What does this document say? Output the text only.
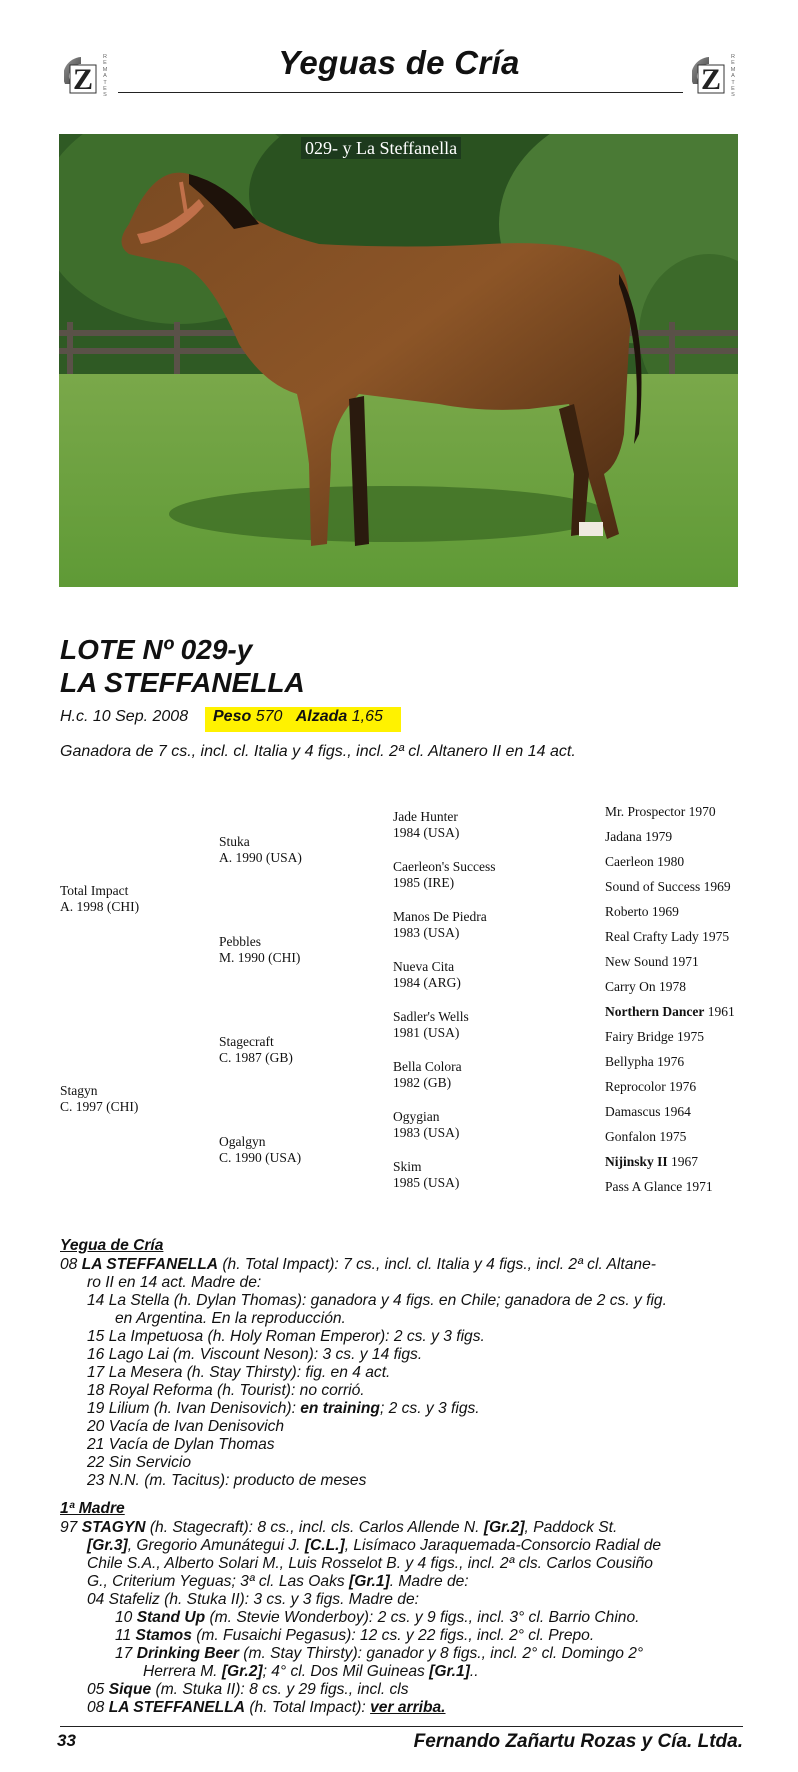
Z
REMATES	Z
REMATES
Yeguas de Cría
029- y La Steffanella
LOTE Nº 029-y
LA STEFFANELLA
H.c. 10 Sep. 2008 Peso 570 Alzada 1,65
Ganadora de 7 cs., incl. cl. Italia y 4 figs., incl. 2ª cl. Altanero II en 14 act.
Total Impact
A. 1998 (CHI)
Stagyn
C. 1997 (CHI)
Stuka
A. 1990 (USA)
Pebbles
M. 1990 (CHI)
Stagecraft
C. 1987 (GB)
Ogalgyn
C. 1990 (USA)
Jade Hunter
1984 (USA)
Caerleon's Success
1985 (IRE)
Manos De Piedra
1983 (USA)
Nueva Cita
1984 (ARG)
Sadler's Wells
1981 (USA)
Bella Colora
1982 (GB)
Ogygian
1983 (USA)
Skim
1985 (USA)
Mr. Prospector 1970
Jadana 1979
Caerleon 1980
Sound of Success 1969
Roberto 1969
Real Crafty Lady 1975
New Sound 1971
Carry On 1978
Northern Dancer 1961
Fairy Bridge 1975
Bellypha 1976
Reprocolor 1976
Damascus 1964
Gonfalon 1975
Nijinsky II 1967
Pass A Glance 1971
Yegua de Cría
08 LA STEFFANELLA (h. Total Impact): 7 cs., incl. cl. Italia y 4 figs., incl. 2ª cl. Altane-
ro II en 14 act. Madre de:
14 La Stella (h. Dylan Thomas): ganadora y 4 figs. en Chile; ganadora de 2 cs. y fig.
en Argentina. En la reproducción.
15 La Impetuosa (h. Holy Roman Emperor): 2 cs. y 3 figs.
16 Lago Lai (m. Viscount Neson): 3 cs. y 14 figs.
17 La Mesera (h. Stay Thirsty): fig. en 4 act.
18 Royal Reforma (h. Tourist): no corrió.
19 Lilium (h. Ivan Denisovich): en training; 2 cs. y 3 figs.
20 Vacía de Ivan Denisovich
21 Vacía de Dylan Thomas
22 Sin Servicio
23 N.N. (m. Tacitus): producto de meses
1ª Madre
97 STAGYN (h. Stagecraft): 8 cs., incl. cls. Carlos Allende N. [Gr.2], Paddock St.
[Gr.3], Gregorio Amunátegui J. [C.L.], Lisímaco Jaraquemada-Consorcio Radial de
Chile S.A., Alberto Solari M., Luis Rosselot B. y 4 figs., incl. 2ª cls. Carlos Cousiño
G., Criterium Yeguas; 3ª cl. Las Oaks [Gr.1]. Madre de:
04 Stafeliz (h. Stuka II): 3 cs. y 3 figs. Madre de:
10 Stand Up (m. Stevie Wonderboy): 2 cs. y 9 figs., incl. 3° cl. Barrio Chino.
11 Stamos (m. Fusaichi Pegasus): 12 cs. y 22 figs., incl. 2° cl. Prepo.
17 Drinking Beer (m. Stay Thirsty): ganador y 8 figs., incl. 2° cl. Domingo 2°
Herrera M. [Gr.2]; 4° cl. Dos Mil Guineas [Gr.1]..
05 Sique (m. Stuka II): 8 cs. y 29 figs., incl. cls
08 LA STEFFANELLA (h. Total Impact): ver arriba.
33	Fernando Zañartu Rozas y Cía. Ltda.
